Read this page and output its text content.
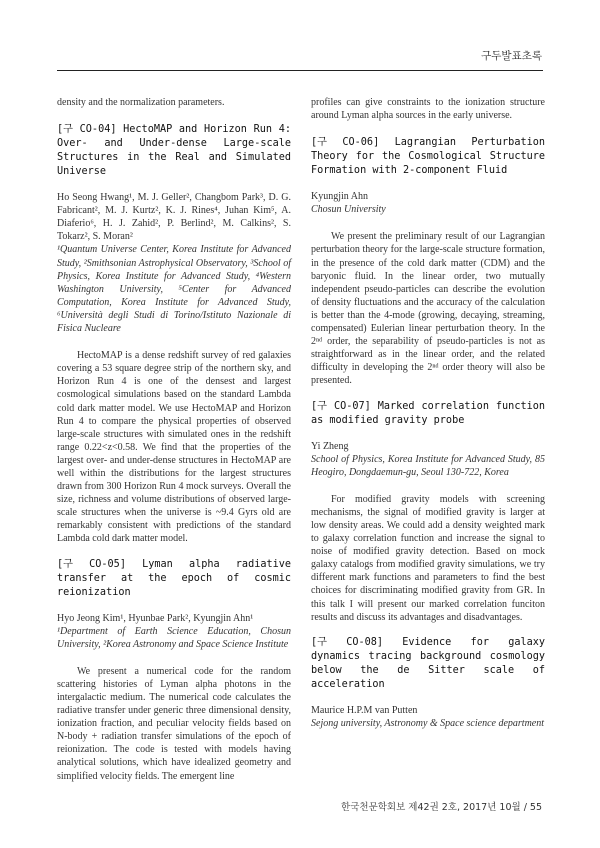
구두발표초록

density and the normalization parameters.

[구 CO-04] HectoMAP and Horizon Run 4: Over- and Under-dense Large-scale Structures in the Real and Simulated Universe

Ho Seong Hwang¹, M. J. Geller², Changbom Park³, D. G. Fabricant², M. J. Kurtz², K. J. Rines⁴, Juhan Kim⁵, A. Diaferio⁶, H. J. Zahid², P. Berlind², M. Calkins², S. Tokarz², S. Moran²

¹Quantum Universe Center, Korea Institute for Advanced Study, ²Smithsonian Astrophysical Observatory, ³School of Physics, Korea Institute for Advanced Study, ⁴Western Washington University, ⁵Center for Advanced Computation, Korea Institute for Advanced Study, ⁶Università degli Studi di Torino/Istituto Nazionale di Fisica Nucleare

HectoMAP is a dense redshift survey of red galaxies covering a 53 square degree strip of the northern sky, and Horizon Run 4 is one of the densest and largest cosmological simulations based on the standard Lambda cold dark matter model. We use HectoMAP and Horizon Run 4 to compare the physical properties of observed large-scale structures with simulated ones in the redshift range 0.22<z<0.58. We find that the properties of the largest over- and under-dense structures in HectoMAP are well within the distributions for the largest structures drawn from 300 Horizon Run 4 mock surveys. Overall the size, richness and volume distributions of observed large-scale structures when the universe is ~9.4 Gyrs old are remarkably consistent with predictions of the standard Lambda cold dark matter model.

[구 CO-05] Lyman alpha radiative transfer at the epoch of cosmic reionization

Hyo Jeong Kim¹, Hyunbae Park², Kyungjin Ahn¹

¹Department of Earth Science Education, Chosun University, ²Korea Astronomy and Space Science Institute

We present a numerical code for the random scattering histories of Lyman alpha photons in the intergalactic medium. The numerical code calculates the radiative transfer under generic three dimensional density, ionization fraction, and peculiar velocity fields based on N-body + radiation transfer simulations of the epoch of reionization. The code is tested with models having analytical solutions, which have idealized geometry and simplified velocity fields. The emergent line

profiles can give constraints to the ionization structure around Lyman alpha sources in the early universe.

[구 CO-06] Lagrangian Perturbation Theory for the Cosmological Structure Formation with 2-component Fluid

Kyungjin Ahn

Chosun University

We present the preliminary result of our Lagrangian perturbation theory for the large-scale structure formation, in the presence of the cold dark matter (CDM) and the baryonic fluid. In the linear order, two mutually independent pseudo-particles can describe the evolution of density fluctuations and the accuracy of the calculation is better than the 4-mode (growing, decaying, streaming, compensated) Eulerian linear perturbation theory. In the 2ⁿᵈ order, the separability of pseudo-particles is not as straightforward as in the linear order, and the related difficulty in developing the 2ⁿᵈ order theory will also be presented.

[구 CO-07] Marked correlation function as modified gravity probe

Yi Zheng

School of Physics, Korea Institute for Advanced Study, 85 Heogiro, Dongdaemun-gu, Seoul 130-722, Korea

For modified gravity models with screening mechanisms, the signal of modified gravity is larger at low density areas. We could add a density weighted mark to galaxy correlation function and increase the signal to noise of modified gravity detection. Based on mock galaxy catalogs from modified gravity simulations, we try different mark functions and parameters to find the best choices for discriminating modified gravity from GR. In this talk I will present our marked correlation funciton results and discuss its advantages and disadvantages.

[구 CO-08] Evidence for galaxy dynamics tracing background cosmology below the de Sitter scale of acceleration

Maurice H.P.M van Putten

Sejong university, Astronomy & Space science department

한국천문학회보 제42권 2호, 2017년 10월 / 55
